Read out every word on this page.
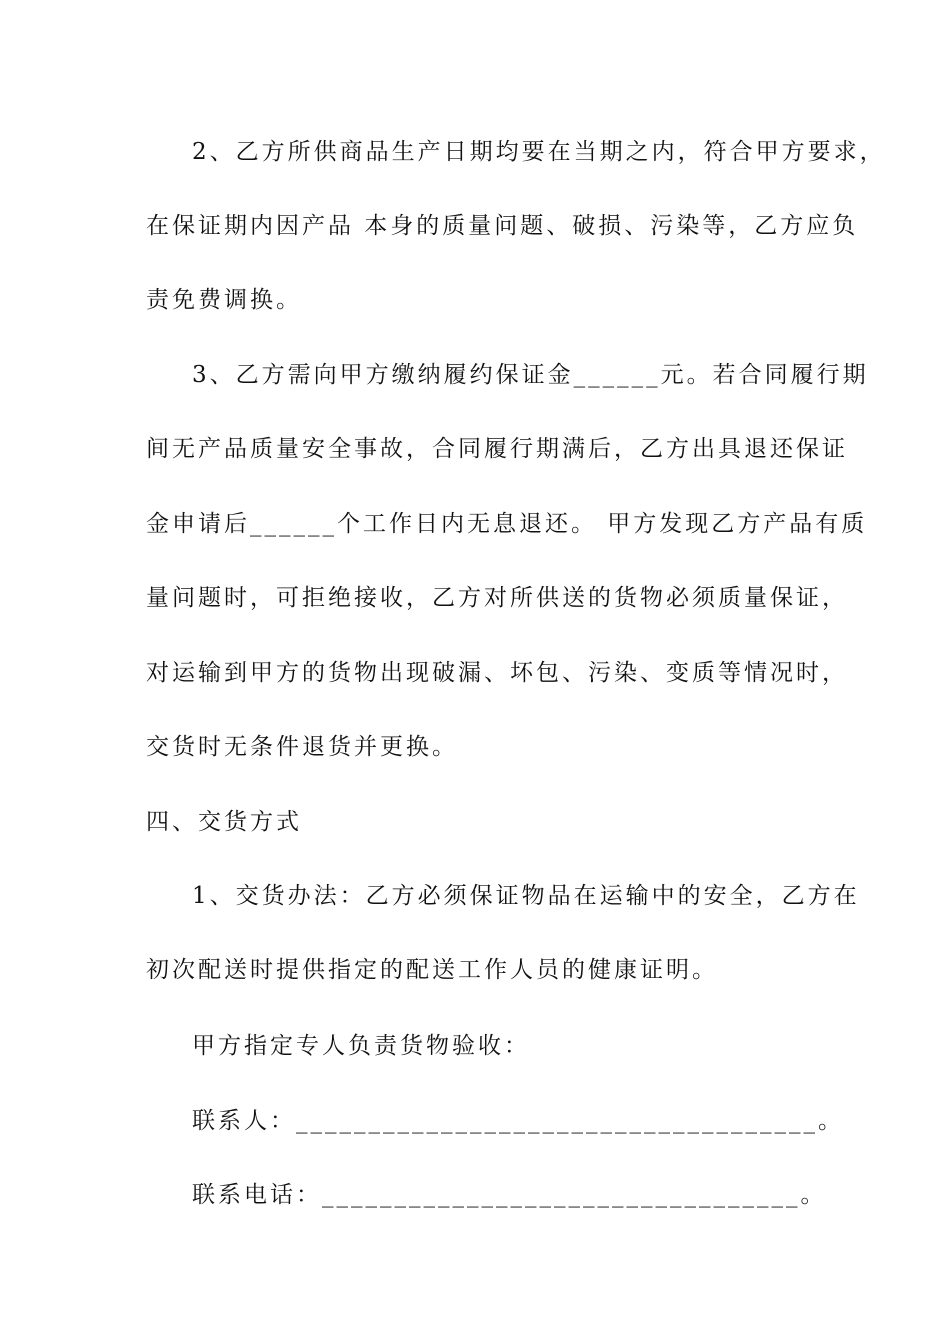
2、乙方所供商品生产日期均要在当期之内，符合甲方要求，
在保证期内因产品 本身的质量问题、破损、污染等，乙方应负
责免费调换。
3、乙方需向甲方缴纳履约保证金______元。若合同履行期
间无产品质量安全事故，合同履行期满后，乙方出具退还保证
金申请后______个工作日内无息退还。 甲方发现乙方产品有质
量问题时，可拒绝接收，乙方对所供送的货物必须质量保证，
对运输到甲方的货物出现破漏、坏包、污染、变质等情况时，
交货时无条件退货并更换。
四、交货方式
1、交货办法：乙方必须保证物品在运输中的安全，乙方在
初次配送时提供指定的配送工作人员的健康证明。
甲方指定专人负责货物验收：
联系人：____________________________________。
联系电话：_________________________________。
